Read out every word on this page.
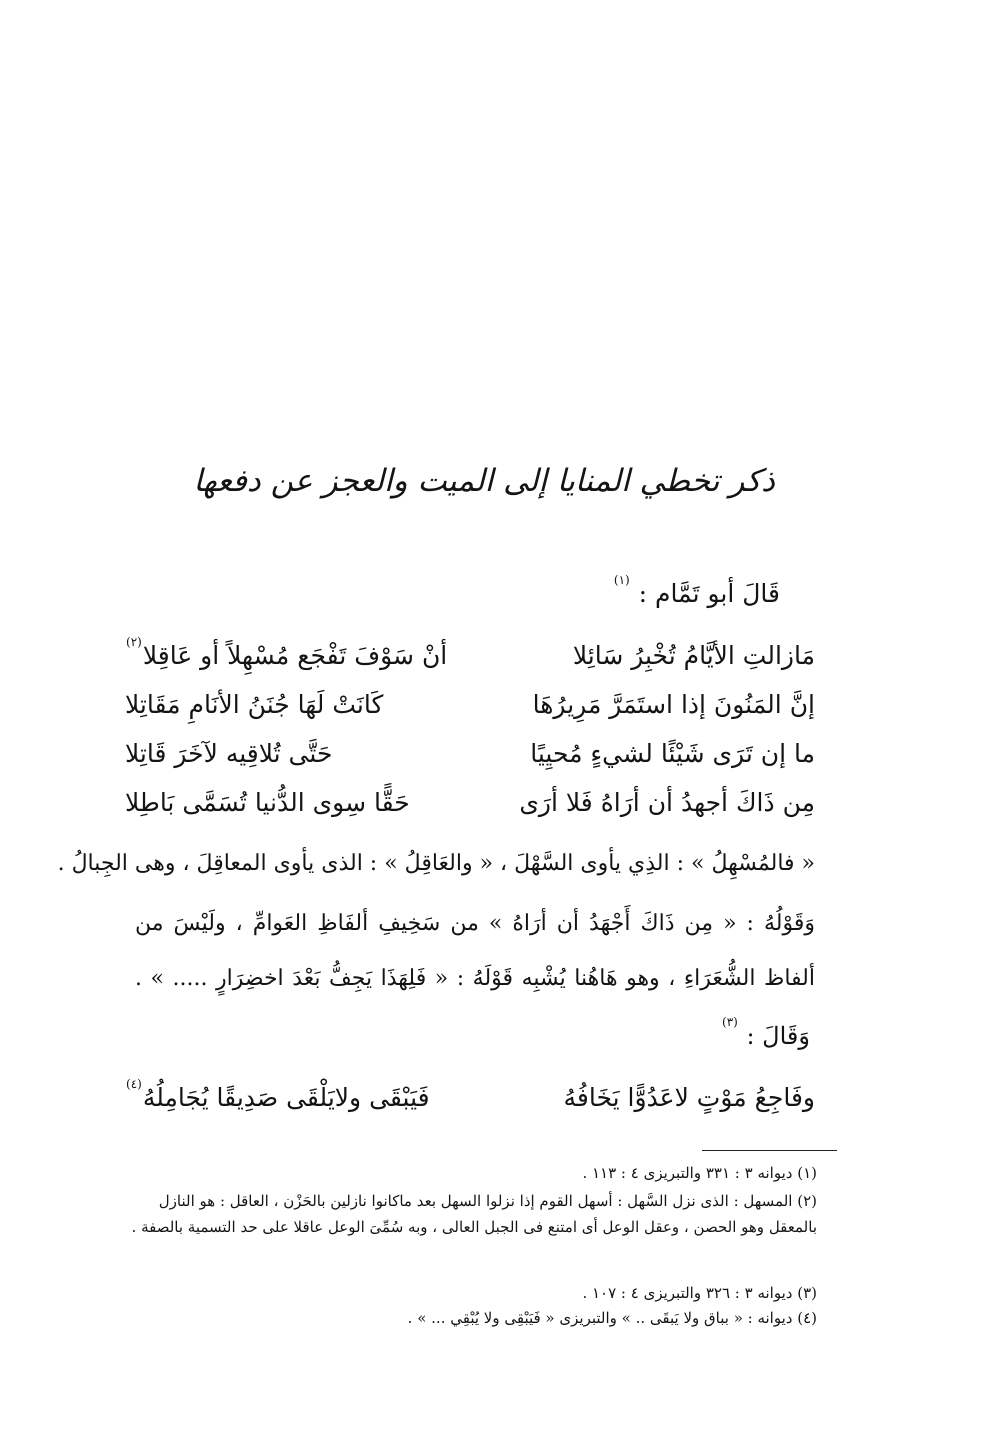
ذكر تخطي المنايا إلى الميت والعجز عن دفعها
قَالَ أبو تَمَّام : (١)
مَازالتِ الأيَّامُ تُخْبِرُ سَائِلا
أنْ سَوْفَ تَفْجَع مُسْهِلاً أو عَاقِلا(٢)
إنَّ المَنُونَ إذا استَمَرَّ مَرِيرُهَا
كَانَتْ لَهَا جُنَنُ الأنَامِ مَقَاتِلا
ما إن تَرَى شَيْئًا لشيءٍ مُحيِيًا
حَتَّى تُلاقِيه لآخَرَ قَاتِلا
مِن ذَاكَ أجهدُ أن أرَاهُ فَلا أرَى
حَقًّا سِوى الدُّنيا تُسَمَّى بَاطِلا
« فالمُسْهِلُ » : الذِي يأوى السَّهْلَ ، « والعَاقِلُ » : الذى يأوى المعاقِلَ ، وهى الجِبالُ .
وَقَوْلُهُ : « مِن ذَاكَ أَجْهَدُ أن أرَاهُ » من سَخِيفِ ألفَاظِ العَوامِّ ، ولَيْسَ من
ألفاظ الشُّعَرَاءِ ، وهو هَاهُنا يُشْبِه قَوْلَهُ : « فَلِهَذَا يَجِفُّ بَعْدَ اخضِرَارٍ ..... » .
وَقَالَ : (٣)
وفَاجِعُ مَوْتٍ لاعَدُوًّا يَخَافُهُ
فَيَبْقَى ولايَلْقَى صَدِيقًا يُجَامِلُهُ(٤)
(١) ديوانه ٣ : ٣٣١ والتبريزى ٤ : ١١٣ .
(٢) المسهل : الذى نزل السَّهل : أسهل القوم إذا نزلوا السهل بعد ماكانوا نازلين بالحَزْن ، العاقل : هو النازل بالمعقل وهو الحصن ، وعقل الوعل أى امتنع فى الجبل العالى ، وبه سُمِّىَ الوعل عاقلا على حد التسمية بالصفة .
(٣) ديوانه ٣ : ٣٢٦ والتبريزى ٤ : ١٠٧ .
(٤) ديوانه : « بباق ولا يَبقَى .. » والتبريزى « فَيَبْقِى ولا يُبْقِي ... » .
